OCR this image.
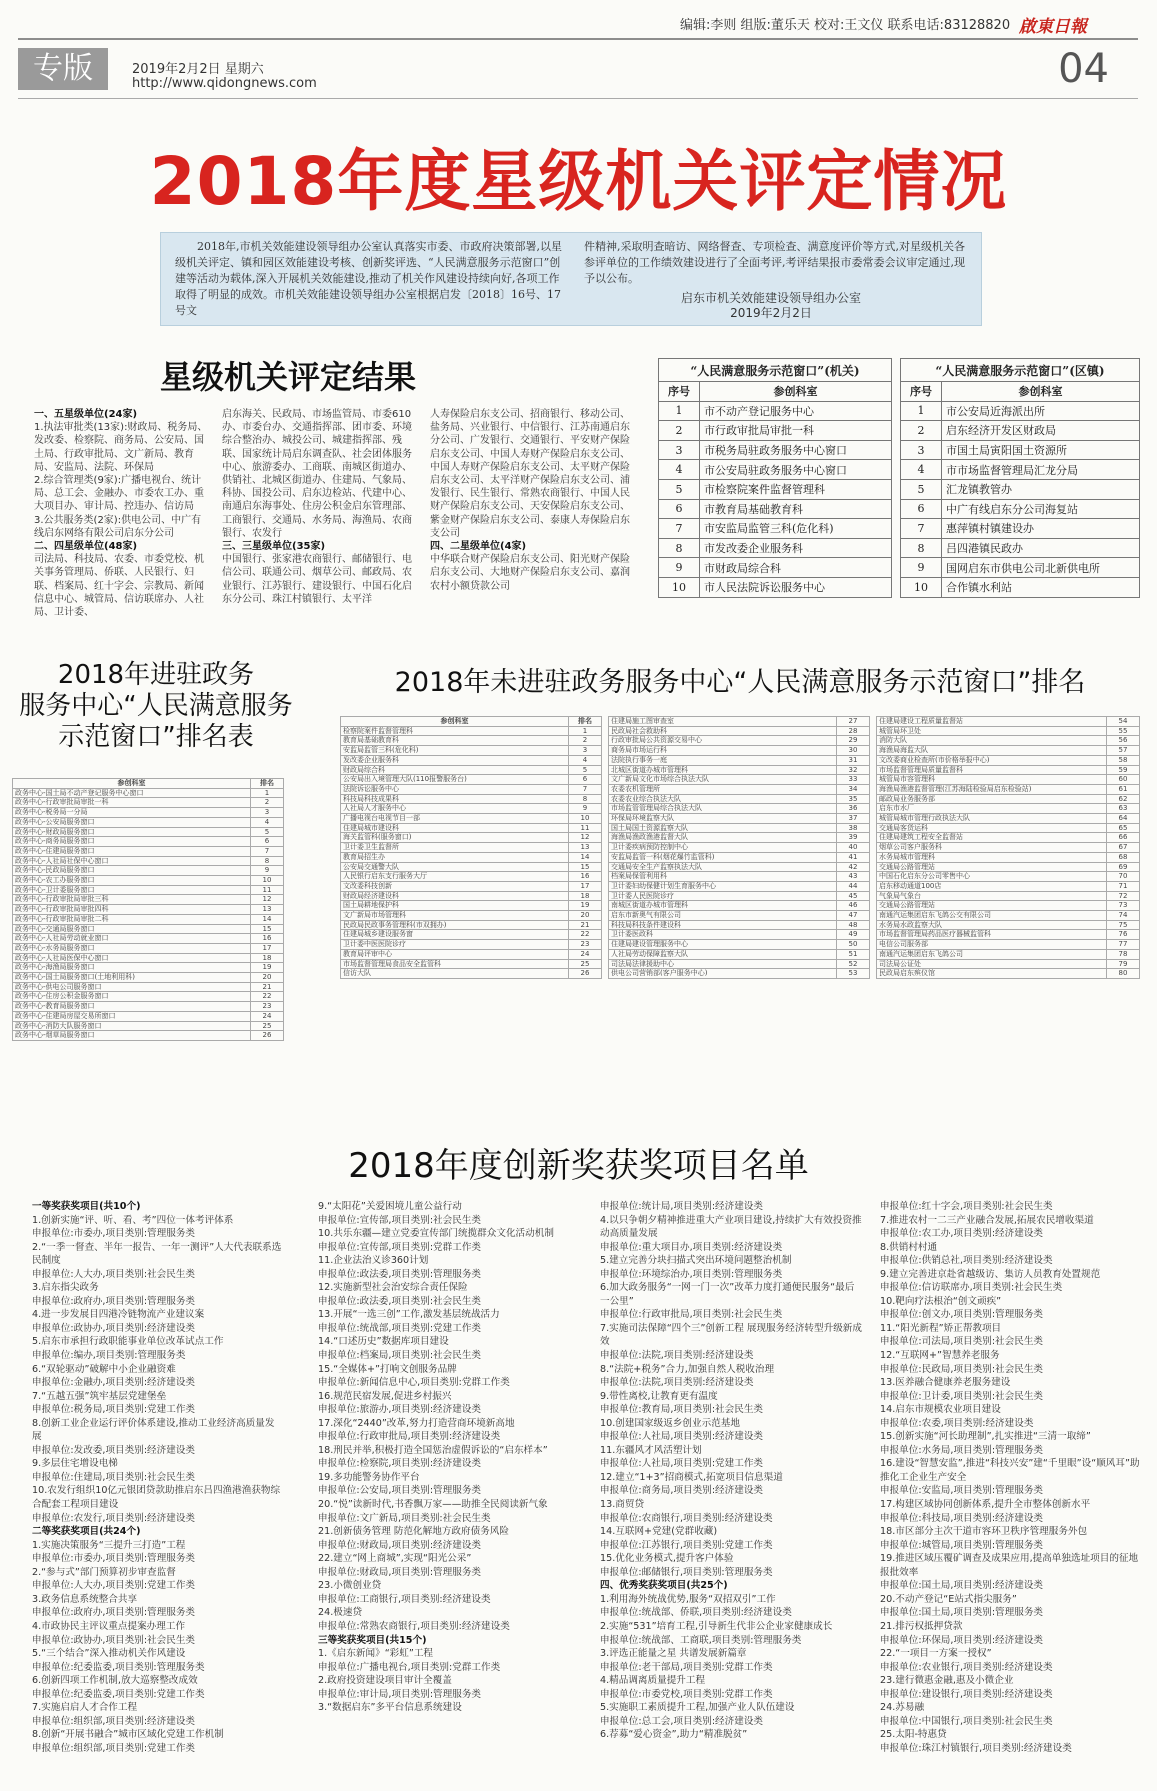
编辑:李则 组版:董乐天 校对:王文仪 联系电话:83128820 啟東日報
专版	2019年2月2日 星期六
http://www.qidongnews.com	04
2018年度星级机关评定情况
2018年,市机关效能建设领导组办公室认真落实市委、市政府决策部署,以星级机关评定、镇和园区效能建设考核、创新奖评选、“人民满意服务示范窗口”创建等活动为载体,深入开展机关效能建设,推动了机关作风建设持续向好,各项工作取得了明显的成效。市机关效能建设领导组办公室根据启发〔2018〕16号、17号文
件精神,采取明查暗访、网络督查、专项检查、满意度评价等方式,对星级机关各参评单位的工作绩效建设进行了全面考评,考评结果报市委常委会议审定通过,现予以公布。
启东市机关效能建设领导组办公室
2019年2月2日
星级机关评定结果
一、五星级单位(24家)
1.执法审批类(13家):财政局、税务局、发改委、检察院、商务局、公安局、国土局、行政审批局、文广新局、教育局、安监局、法院、环保局
2.综合管理类(9家):广播电视台、统计局、总工会、金融办、市委农工办、重大项目办、审计局、控违办、信访局
3.公共服务类(2家):供电公司、中广有线启东网络有限公司启东分公司
二、四星级单位(48家)
司法局、科技局、农委、市委党校、机关事务管理局、侨联、人民银行、妇联、档案局、红十字会、宗教局、新闻信息中心、城管局、信访联席办、人社局、卫计委、
启东海关、民政局、市场监管局、市委610办、市委台办、交通指挥部、团市委、环境综合整治办、城投公司、城建指挥部、残联、国家统计局启东调查队、社会团体服务中心、旅游委办、工商联、南城区街道办、供销社、北城区街道办、住建局、气象局、科协、国投公司、启东边检站、代建中心、南通启东海事处、住房公积金启东管理部、工商银行、交通局、水务局、海渔局、农商银行、农发行
三、三星级单位(35家)
中国银行、张家港农商银行、邮储银行、电信公司、联通公司、烟草公司、邮政局、农业银行、江苏银行、建设银行、中国石化启东分公司、珠江村镇银行、太平洋
人寿保险启东支公司、招商银行、移动公司、盐务局、兴业银行、中信银行、江苏南通启东分公司、广发银行、交通银行、平安财产保险启东支公司、中国人寿财产保险启东支公司、中国人寿财产保险启东支公司、太平财产保险启东支公司、太平洋财产保险启东支公司、浦发银行、民生银行、常熟农商银行、中国人民财产保险启东支公司、天安保险启东支公司、紫金财产保险启东支公司、泰康人寿保险启东支公司
四、二星级单位(4家)
中华联合财产保险启东支公司、阳光财产保险启东支公司、大地财产保险启东支公司、嘉润农村小额贷款公司
“人民满意服务示范窗口”(机关)	
序号	参创科室
1	市不动产登记服务中心
2	市行政审批局审批一科
3	市税务局驻政务服务中心窗口
4	市公安局驻政务服务中心窗口
5	市检察院案件监督管理科
6	市教育局基础教育科
7	市安监局监管三科(危化科)
8	市发改委企业服务科
9	市财政局综合科
10	市人民法院诉讼服务中心
“人民满意服务示范窗口”(区镇)	
序号	参创科室
1	市公安局近海派出所
2	启东经济开发区财政局
3	市国土局寅阳国土资源所
4	市市场监督管理局汇龙分局
5	汇龙镇教管办
6	中广有线启东分公司海复站
7	惠萍镇村镇建设办
8	吕四港镇民政办
9	国网启东市供电公司北新供电所
10	合作镇水利站
2018年进驻政务
服务中心“人民满意服务
示范窗口”排名表
参创科室	排名
政务中心-国土局不动产登记服务中心窗口	1
政务中心-行政审批局审批一科	2
政务中心-税务局一分局	3
政务中心-公安局服务窗口	4
政务中心-财政局服务窗口	5
政务中心-商务局服务窗口	6
政务中心-住建局服务窗口	7
政务中心-人社局社保中心窗口	8
政务中心-民政局服务窗口	9
政务中心-农工办服务窗口	10
政务中心-卫计委服务窗口	11
政务中心-行政审批局审批三科	12
政务中心-行政审批局审批四科	13
政务中心-行政审批局审批二科	14
政务中心-交通局服务窗口	15
政务中心-人社局劳动就业窗口	16
政务中心-水务局服务窗口	17
政务中心-人社局医保中心窗口	18
政务中心-海渔局服务窗口	19
政务中心-国土局服务窗口(土地利用科)	20
政务中心-供电公司服务窗口	21
政务中心-住房公积金服务窗口	22
政务中心-教育局服务窗口	23
政务中心-住建局房屋交易所窗口	24
政务中心-消防大队服务窗口	25
政务中心-烟草局服务窗口	26
2018年未进驻政务服务中心“人民满意服务示范窗口”排名
参创科室	排名
检察院案件监督管理科	1
教育局基础教育科	2
安监局监管三科(危化科)	3
发改委企业服务科	4
财政局综合科	5
公安局出入境管理大队(110报警服务台)	6
法院诉讼服务中心	7
科技局科技成果科	8
人社局人才服务中心	9
广播电视台电视节目一部	10
住建局城市建设科	11
海关监管科(服务窗口)	12
卫计委卫生监督所	13
教育局招生办	14
公安局交通警大队	15
人民银行启东支行服务大厅	16
文改委科技创新	17
财政局经济建设科	18
国土局耕地保护科	19
文广新局市场管理科	20
民政局民政事务管理科(市双拥办)	21
住建局城乡建设服务窗	22
卫计委中医医院诊疗	23
教育局评审中心	24
市场监督管理局食品安全监管科	25
信访大队	26
住建局施工图审查室	27
民政局社会救助科	28
行政审批局公共资源交易中心	29
商务局市场运行科	30
法院执行事务一庭	31
北城区街道办城市管理科	32
文广新局文化市场综合执法大队	33
农委农机管理所	34
农委农业综合执法大队	35
市场监管管理局综合执法大队	36
环保局环境监察大队	37
国土局国土资源监察大队	38
海渔局渔政渔港监督大队	39
卫计委疾病预防控制中心	40
安监局监管一科(烟花爆竹监管科)	41
交通局安全生产监察执法大队	42
档案局保管利用科	43
卫计委妇幼保健计划生育服务中心	44
卫计委人民医院诊疗	45
南城区街道办城市管理科	46
启东市新奥气有限公司	47
科技局科技条件建设科	48
卫计委医政科	49
住建局建设管理服务中心	50
人社局劳动保障监察大队	51
司法局法律援助中心	52
供电公司营销部(客户服务中心)	53
住建局建设工程质量监督站	54
城管局环卫处	55
消防大队	56
海渔局海监大队	57
文改委商业检查所(市价格举报中心)	58
市场监督管理局质量监督科	59
城管局市容管理科	60
海渔局渔港监督管理(江苏海陆检验局启东检验站)	61
邮政局业务服务部	62
启东市水厂	63
城管局城市管理行政执法大队	64
交通局客货运科	65
住建局建筑工程安全监督站	66
烟草公司客户服务科	67
水务局城市管理科	68
交通局公路管理站	69
中国石化启东分公司零售中心	70
启东移动通道100店	71
气象局气象台	72
交通局公路管理站	73
南通汽运集团启东飞鸽公交有限公司	74
水务局水政监察大队	75
市场监督管理局药品医疗器械监管科	76
电信公司服务部	77
南通汽运集团启东飞鸽公司	78
司法局公证处	79
民政局启东殡仪馆	80
2018年度创新奖获奖项目名单
一等奖获奖项目(共10个)
1.创新实施“评、听、看、考”四位一体考评体系
申报单位:市委办,项目类别:管理服务类
2.“一季一督查、半年一报告、一年一测评”人大代表联系选民制度
申报单位:人大办,项目类别:社会民生类
3.启东指尖政务
申报单位:政府办,项目类别:管理服务类
4.进一步发展目四港冷链物流产业建议案
申报单位:政协办,项目类别:经济建设类
5.启东市承担行政职能事业单位改革试点工作
申报单位:编办,项目类别:管理服务类
6.“双轮驱动”破解中小企业融资难
申报单位:金融办,项目类别:经济建设类
7.“五越五强”筑牢基层党建堡垒
申报单位:税务局,项目类别:党建工作类
8.创新工业企业运行评价体系建设,推动工业经济高质量发展
申报单位:发改委,项目类别:经济建设类
9.多层住宅增设电梯
申报单位:住建局,项目类别:社会民生类
10.农发行组织10亿元银团贷款助推启东吕四渔港渔获物综合配套工程项目建设
申报单位:农发行,项目类别:经济建设类
二等奖获奖项目(共24个)
1.实施决策服务“三提升三打造”工程
申报单位:市委办,项目类别:管理服务类
2.“参与式”部门预算初步审查监督
申报单位:人大办,项目类别:党建工作类
3.政务信息系统整合共享
申报单位:政府办,项目类别:管理服务类
4.市政协民主评议重点提案办理工作
申报单位:政协办,项目类别:社会民生类
5.“三个结合”深入推动机关作风建设
申报单位:纪委监委,项目类别:管理服务类
6.创新四项工作机制,放大巡察整改成效
申报单位:纪委监委,项目类别:党建工作类
7.实施启启人才合作工程
申报单位:组织部,项目类别:经济建设类
8.创新“开展书融合”城市区域化党建工作机制
申报单位:组织部,项目类别:党建工作类
9.“太阳花”关爱困境儿童公益行动
申报单位:宣传部,项目类别:社会民生类
10.共乐东疆—建立党委宣传部门统揽群众文化活动机制
申报单位:宣传部,项目类别:党群工作类
11.企业法治义诊360计划
申报单位:政法委,项目类别:管理服务类
12.实施新型社会治安综合责任保险
申报单位:政法委,项目类别:社会民生类
13.开展“一选三创”工作,激发基层统战活力
申报单位:统战部,项目类别:党建工作类
14.“口述历史”数据库项目建设
申报单位:档案局,项目类别:社会民生类
15.“全媒体+”打响文创服务品牌
申报单位:新闻信息中心,项目类别:党群工作类
16.规范民宿发展,促进乡村振兴
申报单位:旅游办,项目类别:经济建设类
17.深化“2440”改革,努力打造营商环境新高地
申报单位:行政审批局,项目类别:经济建设类
18.刑民并举,积极打造全国惩治虚假诉讼的“启东样本”
申报单位:检察院,项目类别:经济建设类
19.多功能警务协作平台
申报单位:公安局,项目类别:管理服务类
20.“悦”读新时代,书香飘万家——助推全民阅读新气象
申报单位:文广新局,项目类别:社会民生类
21.创新债务管理 防范化解地方政府债务风险
申报单位:财政局,项目类别:经济建设类
22.建立“网上商城”,实现“阳光公采”
申报单位:财政局,项目类别:管理服务类
23.小微创业贷
申报单位:工商银行,项目类别:经济建设类
24.极速贷
申报单位:常熟农商银行,项目类别:经济建设类
三等奖获奖项目(共15个)
1.《启东新闻》“彩虹”工程
申报单位:广播电视台,项目类别:党群工作类
2.政府投资建设项目审计全覆盖
申报单位:审计局,项目类别:管理服务类
3.“数据启东”多平台信息系统建设
申报单位:统计局,项目类别:经济建设类
4.以只争朝夕精神推进重大产业项目建设,持续扩大有效投资推动高质量发展
申报单位:重大项目办,项目类别:经济建设类
5.建立完善分块扫描式突出环境问题整治机制
申报单位:环境综治办,项目类别:管理服务类
6.加大政务服务“一网一门一次”改革力度打通便民服务“最后一公里”
申报单位:行政审批局,项目类别:社会民生类
7.实施司法保障“四个三”创新工程 展现服务经济转型升级新成效
申报单位:法院,项目类别:经济建设类
8.“法院+税务”合力,加强自然人税收治理
申报单位:法院,项目类别:经济建设类
9.带性离校,让教育更有温度
申报单位:教育局,项目类别:社会民生类
10.创建国家级返乡创业示范基地
申报单位:人社局,项目类别:经济建设类
11.东疆风才风活塑计划
申报单位:人社局,项目类别:党建工作类
12.建立“1+3”招商模式,拓宽项目信息渠道
申报单位:商务局,项目类别:经济建设类
13.商贸贷
申报单位:农商银行,项目类别:经济建设类
14.互联网+党建(党群收藏)
申报单位:江苏银行,项目类别:党建工作类
15.优化业务模式,提升客户体验
申报单位:邮储银行,项目类别:管理服务类
四、优秀奖获奖项目(共25个)
1.利用海外统战优势,服务“双招双引”工作
申报单位:统战部、侨联,项目类别:经济建设类
2.实施“531”培育工程,引导新生代非公企业家健康成长
申报单位:统战部、工商联,项目类别:管理服务类
3.评选正能量之星 共谱发展新篇章
申报单位:老干部局,项目类别:党群工作类
4.精品调离质量提升工程
申报单位:市委党校,项目类别:党群工作类
5.实施职工素质提升工程,加强产业人队伍建设
申报单位:总工会,项目类别:经济建设类
6.荐募“爱心资金”,助力“精准脱贫”
申报单位:红十字会,项目类别:社会民生类
7.推进农村一二三产业融合发展,拓展农民增收渠道
申报单位:农工办,项目类别:经济建设类
8.供销村村通
申报单位:供销总社,项目类别:经济建设类
9.建立完善进京赴省越级访、集访人员教育处置规范
申报单位:信访联席办,项目类别:社会民生类
10.靶向疗法根治“创文顽疾”
申报单位:创文办,项目类别:管理服务类
11.“阳光新程”矫正帮教项目
申报单位:司法局,项目类别:社会民生类
12.“互联网+”智慧养老服务
申报单位:民政局,项目类别:社会民生类
13.医养融合健康养老服务建设
申报单位:卫计委,项目类别:社会民生类
14.启东市规模农业项目建设
申报单位:农委,项目类别:经济建设类
15.创新实施“河长助理制”,扎实推进“三清一取缔”
申报单位:水务局,项目类别:管理服务类
16.建设“智慧安监”,推进“科技兴安”建“千里眼”设“顺风耳”助推化工企业生产安全
申报单位:安监局,项目类别:管理服务类
17.构建区域协同创新体系,提升全市整体创新水平
申报单位:科技局,项目类别:经济建设类
18.市区部分主次干道市容环卫秩序管理服务外包
申报单位:城管局,项目类别:管理服务类
19.推进区域压覆矿调查及成果应用,提高单独选址项目的征地报批效率
申报单位:国土局,项目类别:经济建设类
20.不动产登记“E站式指尖服务”
申报单位:国土局,项目类别:管理服务类
21.排污权抵押贷款
申报单位:环保局,项目类别:经济建设类
22.“一项目一方案一授权”
申报单位:农业银行,项目类别:经济建设类
23.建行微惠金融,惠及小微企业
申报单位:建设银行,项目类别:经济建设类
24.苏易融
申报单位:中国银行,项目类别:社会民生类
25.太阳-特惠贷
申报单位:珠江村镇银行,项目类别:经济建设类
